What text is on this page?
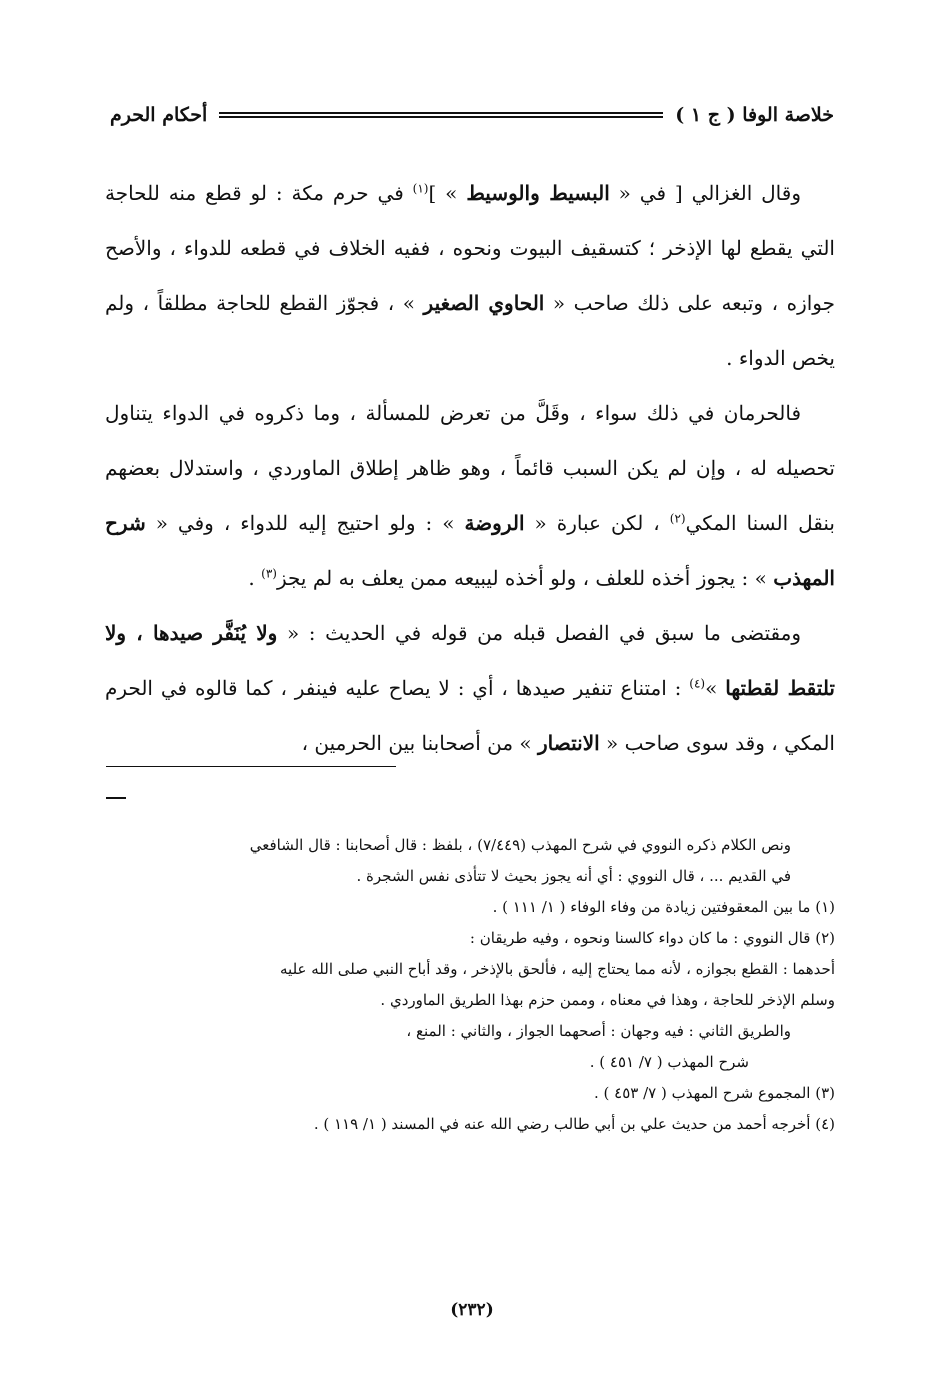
خلاصة الوفا ( ج ١ )
أحكام الحرم

وقال الغزالي [ في « البسيط والوسيط » ]$^{(١)}$ في حرم مكة : لو قطع منه للحاجة التي يقطع لها الإذخر ؛ كتسقيف البيوت ونحوه ، ففيه الخلاف في قطعه للدواء ، والأصح جوازه ، وتبعه على ذلك صاحب « الحاوي الصغير » ، فجوّز القطع للحاجة مطلقاً ، ولم يخص الدواء .

فالحرمان في ذلك سواء ، وقَلَّ من تعرض للمسألة ، وما ذكروه في الدواء يتناول تحصيله له ، وإن لم يكن السبب قائماً ، وهو ظاهر إطلاق الماوردي ، واستدلال بعضهم بنقل السنا المكي$^{(٢)}$ ، لكن عبارة « الروضة » : ولو احتيج إليه للدواء ، وفي « شرح المهذب » : يجوز أخذه للعلف ، ولو أخذه ليبيعه ممن يعلف به لم يجز$^{(٣)}$ .

ومقتضى ما سبق في الفصل قبله من قوله في الحديث : « ولا يُنَفَّر صيدها ، ولا تلتقط لقطتها »$^{(٤)}$ : امتناع تنفير صيدها ، أي : لا يصاح عليه فينفر ، كما قالوه في الحرم المكي ، وقد سوى صاحب « الانتصار » من أصحابنا بين الحرمين ،

ونص الكلام ذكره النووي في شرح المهذب (٧/٤٤٩) ، بلفظ : قال أصحابنا : قال الشافعي
في القديم ... ، قال النووي : أي أنه يجوز بحيث لا تتأذى نفس الشجرة .
(١) ما بين المعقوفتين زيادة من وفاء الوفاء ( ١/ ١١١ ) .
(٢) قال النووي : ما كان دواء كالسنا ونحوه ، وفيه طريقان :
أحدهما : القطع بجوازه ، لأنه مما يحتاج إليه ، فألحق بالإذخر ، وقد أباح النبي صلى الله عليه
وسلم الإذخر للحاجة ، وهذا في معناه ، وممن حزم بهذا الطريق الماوردي .
والطريق الثاني : فيه وجهان : أصحهما الجواز ، والثاني : المنع ،
شرح المهذب ( ٧/ ٤٥١ ) .
(٣) المجموع شرح المهذب ( ٧/ ٤٥٣ ) .
(٤) أخرجه أحمد من حديث علي بن أبي طالب رضي الله عنه في المسند ( ١/ ١١٩ ) .
(٢٣٢)
